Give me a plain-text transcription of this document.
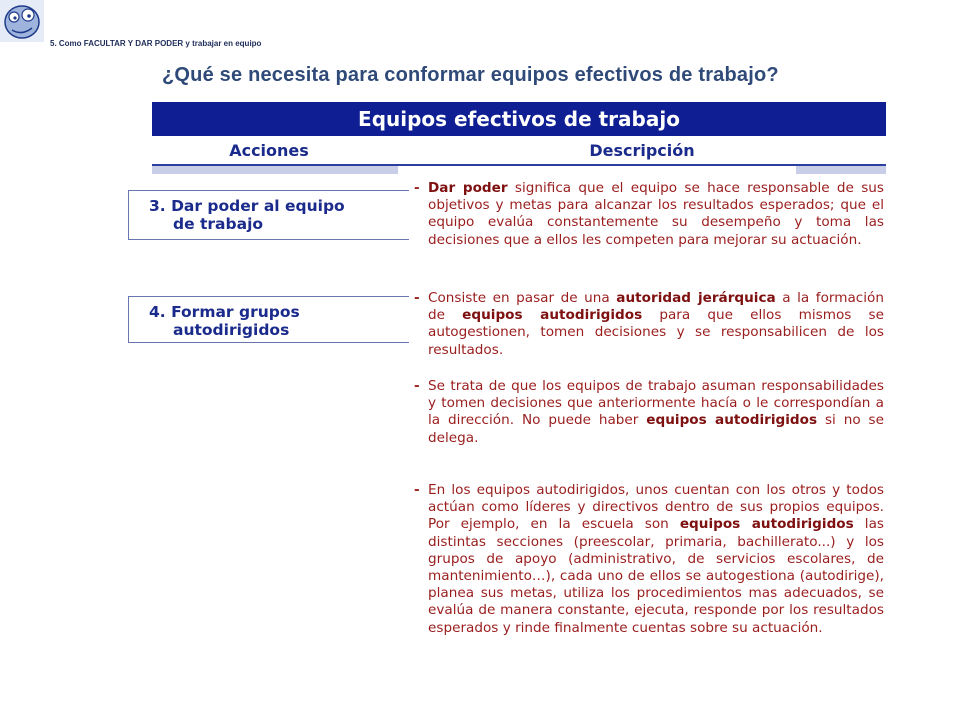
5. Como FACULTAR Y DAR PODER y trabajar en equipo
¿Qué se necesita para conformar equipos efectivos de trabajo?
Equipos efectivos de trabajo
Acciones	Descripción
3. Dar poder al equipo
de trabajo
4. Formar grupos
autodirigidos
- Dar poder significa que el equipo se hace responsable de sus objetivos y metas para alcanzar los resultados esperados; que el equipo evalúa constantemente su desempeño y toma las decisiones que a ellos les competen para mejorar su actuación.

- Consiste en pasar de una autoridad jerárquica a la formación de equipos autodirigidos para que ellos mismos se autogestionen, tomen decisiones y se responsabilicen de los resultados.

- Se trata de que los equipos de trabajo asuman responsabilidades y tomen decisiones que anteriormente hacía o le correspondían a la dirección. No puede haber equipos autodirigidos si no se delega.

- En los equipos autodirigidos, unos cuentan con los otros y todos actúan como líderes y directivos dentro de sus propios equipos. Por ejemplo, en la escuela son equipos autodirigidos las distintas secciones (preescolar, primaria, bachillerato...) y los grupos de apoyo (administrativo, de servicios escolares, de mantenimiento…), cada uno de ellos se autogestiona (autodirige), planea sus metas, utiliza los procedimientos mas adecuados, se evalúa de manera constante, ejecuta, responde por los resultados esperados y rinde finalmente cuentas sobre su actuación.
